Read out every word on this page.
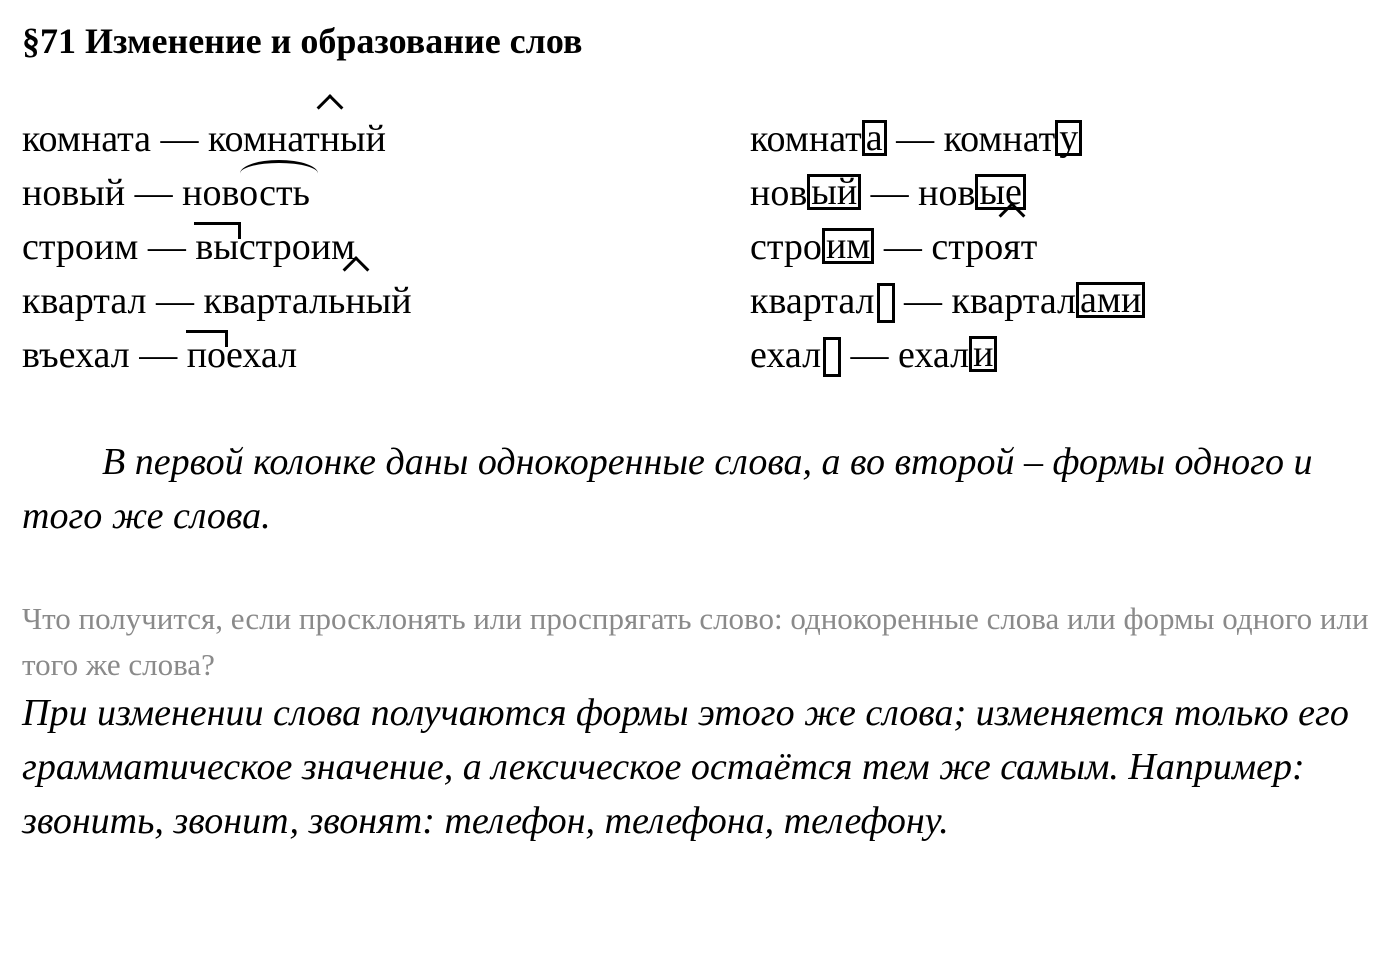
§71 Изменение и образование слов
комната — комнатный
новый — новость
строим — выстроим
квартал — квартальный
въехал — поехал
комнат а — комнат у
нов ый — нов ые
стро им — строят
квартал — квартал ами
ехал — ехал и
В первой колонке даны однокоренные слова, а во второй – формы одного и того же слова.
Что получится, если просклонять или проспрягать слово: однокоренные слова или формы одного или того же слова?
При изменении слова получаются формы этого же слова; изменяется только его грамматическое значение, а лексическое остаётся тем же самым. Например: звонить, звонит, звонят: телефон, телефона, телефону.
